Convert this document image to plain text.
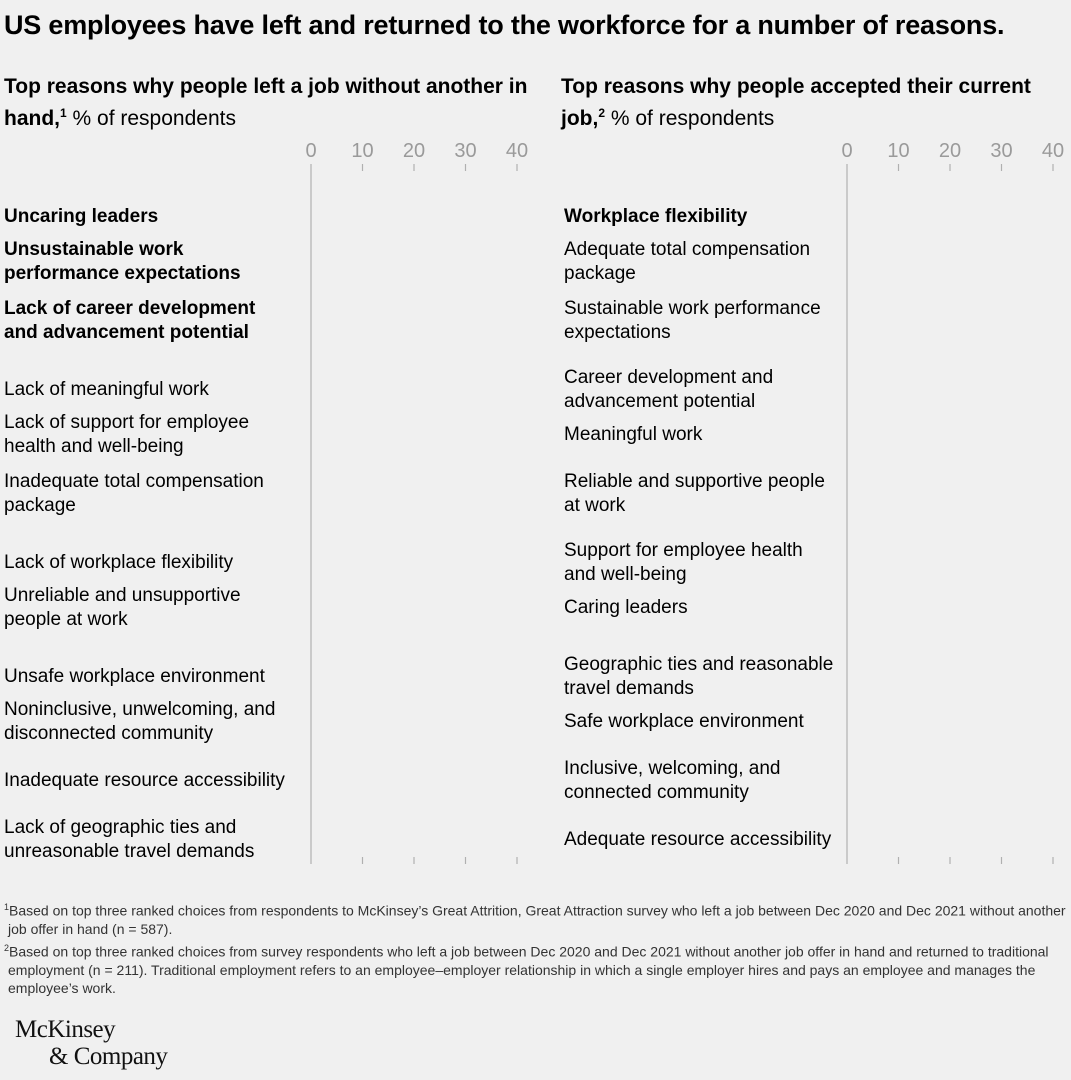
US employees have left and returned to the workforce for a number of reasons.
Top reasons why people left a job without another in hand,$^1$ % of respondents
0 10 20 30 40
Uncaring leaders
Unsustainable work performance expectations
Lack of career development and advancement potential
Lack of meaningful work
Lack of support for employee health and well-being
Inadequate total compensation package
Lack of workplace flexibility
Unreliable and unsupportive people at work
Unsafe workplace environment
Noninclusive, unwelcoming, and disconnected community
Inadequate resource accessibility
Lack of geographic ties and unreasonable travel demands
Top reasons why people accepted their current job,$^2$ % of respondents
0 10 20 30 40
Workplace flexibility
Adequate total compensation package
Sustainable work performance expectations
Career development and advancement potential
Meaningful work
Reliable and supportive people at work
Support for employee health and well-being
Caring leaders
Geographic ties and reasonable travel demands
Safe workplace environment
Inclusive, welcoming, and connected community
Adequate resource accessibility

$^1$Based on top three ranked choices from respondents to McKinsey’s Great Attrition, Great Attraction survey who left a job between Dec 2020 and Dec 2021 without another job offer in hand (n = 587).

$^2$Based on top three ranked choices from survey respondents who left a job between Dec 2020 and Dec 2021 without another job offer in hand and returned to traditional employment (n = 211). Traditional employment refers to an employee–employer relationship in which a single employer hires and pays an employee and manages the employee’s work.

McKinsey
& Company
